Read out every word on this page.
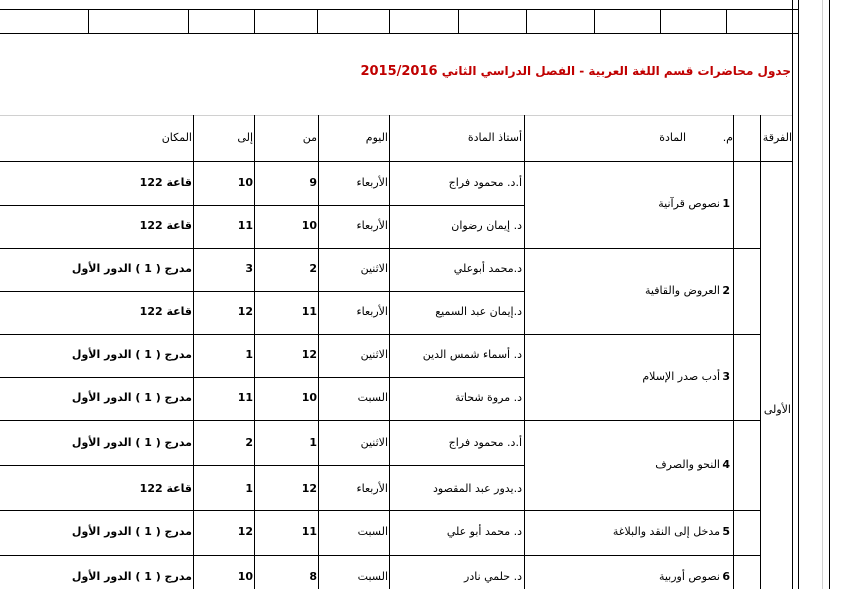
جدول محاضرات قسم اللغة العربية - الفصل الدراسي الثاني 2015/2016
الفرقة
م.
المادة
أستاذ المادة
اليوم
من
إلى
المكان
الأولى
1
نصوص قرآنية
2
العروض والقافية
3
أدب صدر الإسلام
4
النحو والصرف
5
مدخل إلى النقد والبلاغة
6
نصوص أوربية
أ.د. محمود فراج
الأربعاء
9
10
قاعة 122
د. إيمان رضوان
الأربعاء
10
11
قاعة 122
د.محمد أبوعلي
الاثنين
2
3
مدرج ( 1 ) الدور الأول
د.إيمان عبد السميع
الأربعاء
11
12
قاعة 122
د. أسماء شمس الدين
الاثنين
12
1
مدرج ( 1 ) الدور الأول
د. مروة شحاتة
السبت
10
11
مدرج ( 1 ) الدور الأول
أ.د. محمود فراج
الاثنين
1
2
مدرج ( 1 ) الدور الأول
د.يدور عبد المقصود
الأربعاء
12
1
قاعة 122
د. محمد أبو علي
السبت
11
12
مدرج ( 1 ) الدور الأول
د. حلمي نادر
السبت
8
10
مدرج ( 1 ) الدور الأول
